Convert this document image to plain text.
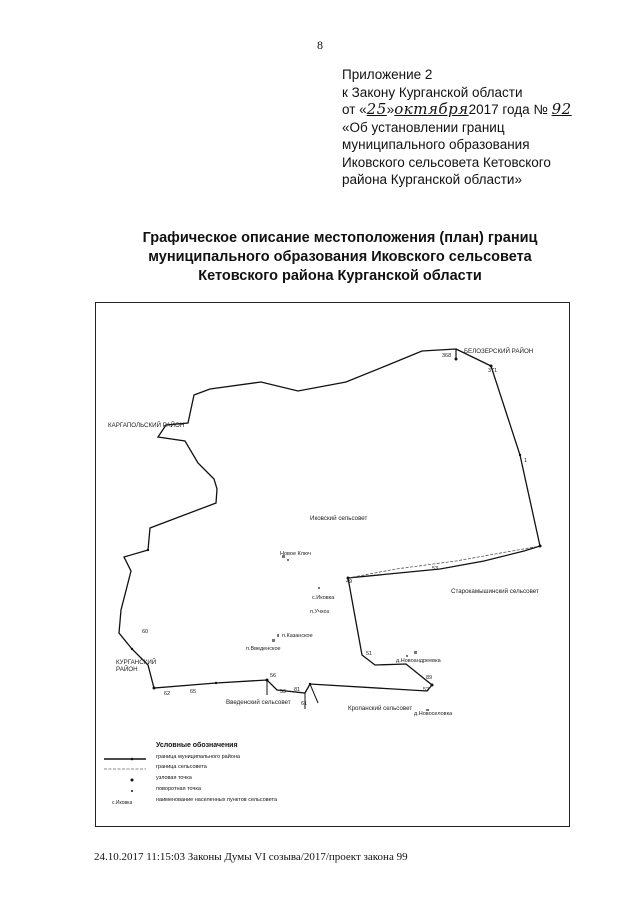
8
Приложение 2
к Закону Курганской области
от «25»октября2017 года № 92
«Об установлении границ
муниципального образования
Иковского сельсовета Кетовского
района Курганской области»
Графическое описание местоположения (план) границ
муниципального образования Иковского сельсовета
Кетовского района Курганской области
368
371
1
49
53
51
52
56
59
61
60
62	65	81
89
БЕЛОЗЕРСКИЙ РАЙОН
КАРГАПОЛЬСКИЙ РАЙОН
Иковский сельсовет
Старокамышинский сельсовет
КУРГАНСКИЙ
РАЙОН
Введенский сельсовет
Кропанский сельсовет
Новое Ключ
с.Иковка
п.Казанское
д.Новоандреевка
п.Введенское
д.Новоселовка
п.Учхоз
Условные обозначения
граница муниципального района
граница сельсовета
узловая точка
поворотная точка
с.Иковка	наименование населенных пунктов сельсовета
24.10.2017 11:15:03 Законы Думы VI созыва/2017/проект закона 99
